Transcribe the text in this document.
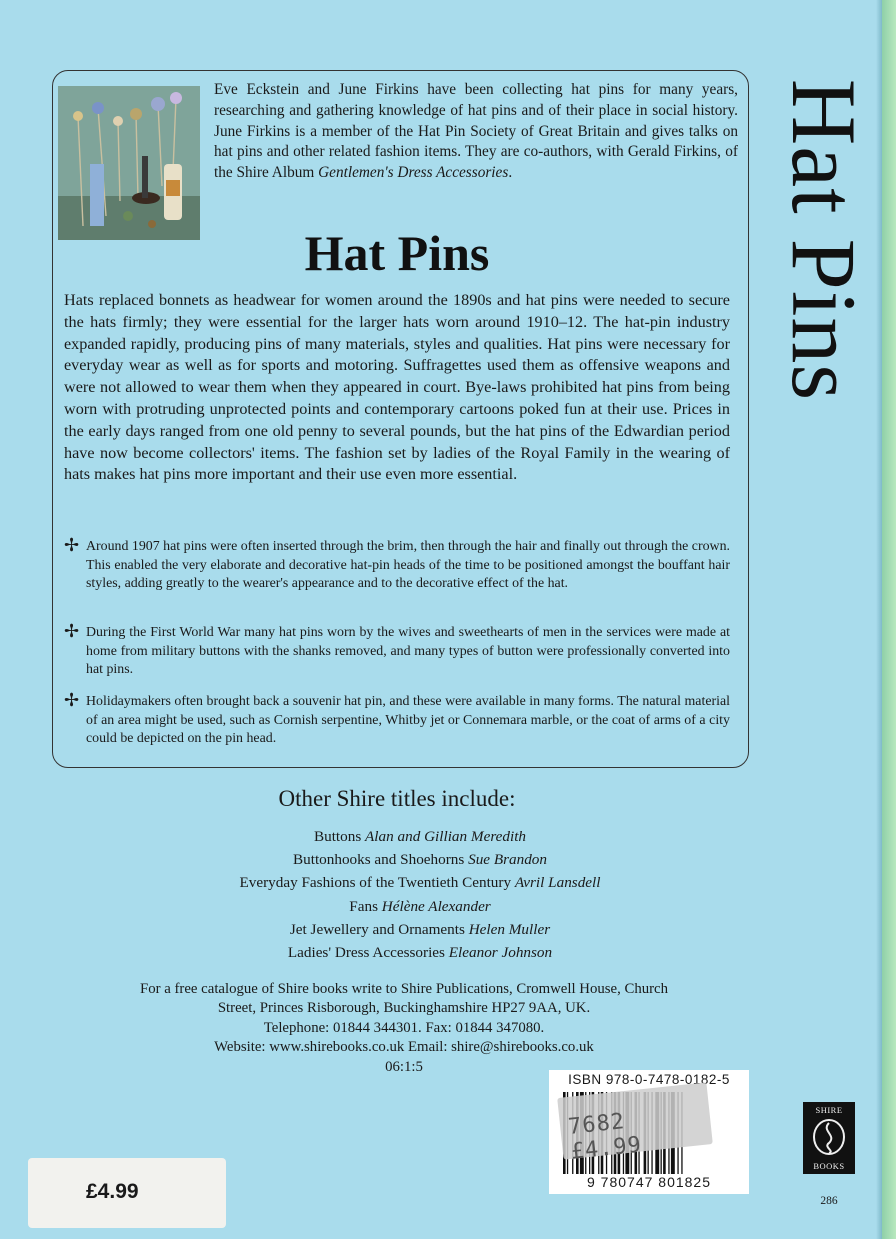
Hat Pins
Eve Eckstein and June Firkins have been collecting hat pins for many years, researching and gathering knowledge of hat pins and of their place in social history. June Firkins is a member of the Hat Pin Society of Great Britain and gives talks on hat pins and other related fashion items. They are co-authors, with Gerald Firkins, of the Shire Album Gentlemen's Dress Accessories.
Hat Pins
Hats replaced bonnets as headwear for women around the 1890s and hat pins were needed to secure the hats firmly; they were essential for the larger hats worn around 1910–12. The hat-pin industry expanded rapidly, producing pins of many materials, styles and qualities. Hat pins were necessary for everyday wear as well as for sports and motoring. Suffragettes used them as offensive weapons and were not allowed to wear them when they appeared in court. Bye-laws prohibited hat pins from being worn with protruding unprotected points and contemporary cartoons poked fun at their use. Prices in the early days ranged from one old penny to several pounds, but the hat pins of the Edwardian period have now become collectors' items. The fashion set by ladies of the Royal Family in the wearing of hats makes hat pins more important and their use even more essential.
✢ Around 1907 hat pins were often inserted through the brim, then through the hair and finally out through the crown. This enabled the very elaborate and decorative hat-pin heads of the time to be positioned amongst the bouffant hair styles, adding greatly to the wearer's appearance and to the decorative effect of the hat.
✢ During the First World War many hat pins worn by the wives and sweethearts of men in the services were made at home from military buttons with the shanks removed, and many types of button were professionally converted into hat pins.
✢ Holidaymakers often brought back a souvenir hat pin, and these were available in many forms. The natural material of an area might be used, such as Cornish serpentine, Whitby jet or Connemara marble, or the coat of arms of a city could be depicted on the pin head.
Other Shire titles include:
Buttons Alan and Gillian Meredith
Buttonhooks and Shoehorns Sue Brandon
Everyday Fashions of the Twentieth Century Avril Lansdell
Fans Hélène Alexander
Jet Jewellery and Ornaments Helen Muller
Ladies' Dress Accessories Eleanor Johnson
For a free catalogue of Shire books write to Shire Publications, Cromwell House, Church
Street, Princes Risborough, Buckinghamshire HP27 9AA, UK.
Telephone: 01844 344301. Fax: 01844 347080.
Website: www.shirebooks.co.uk Email: shire@shirebooks.co.uk
06:1:5
ISBN 978-0-7478-0182-5
9 780747 801825
7682 £4.99
£4.99
SHIRE
BOOKS
286
